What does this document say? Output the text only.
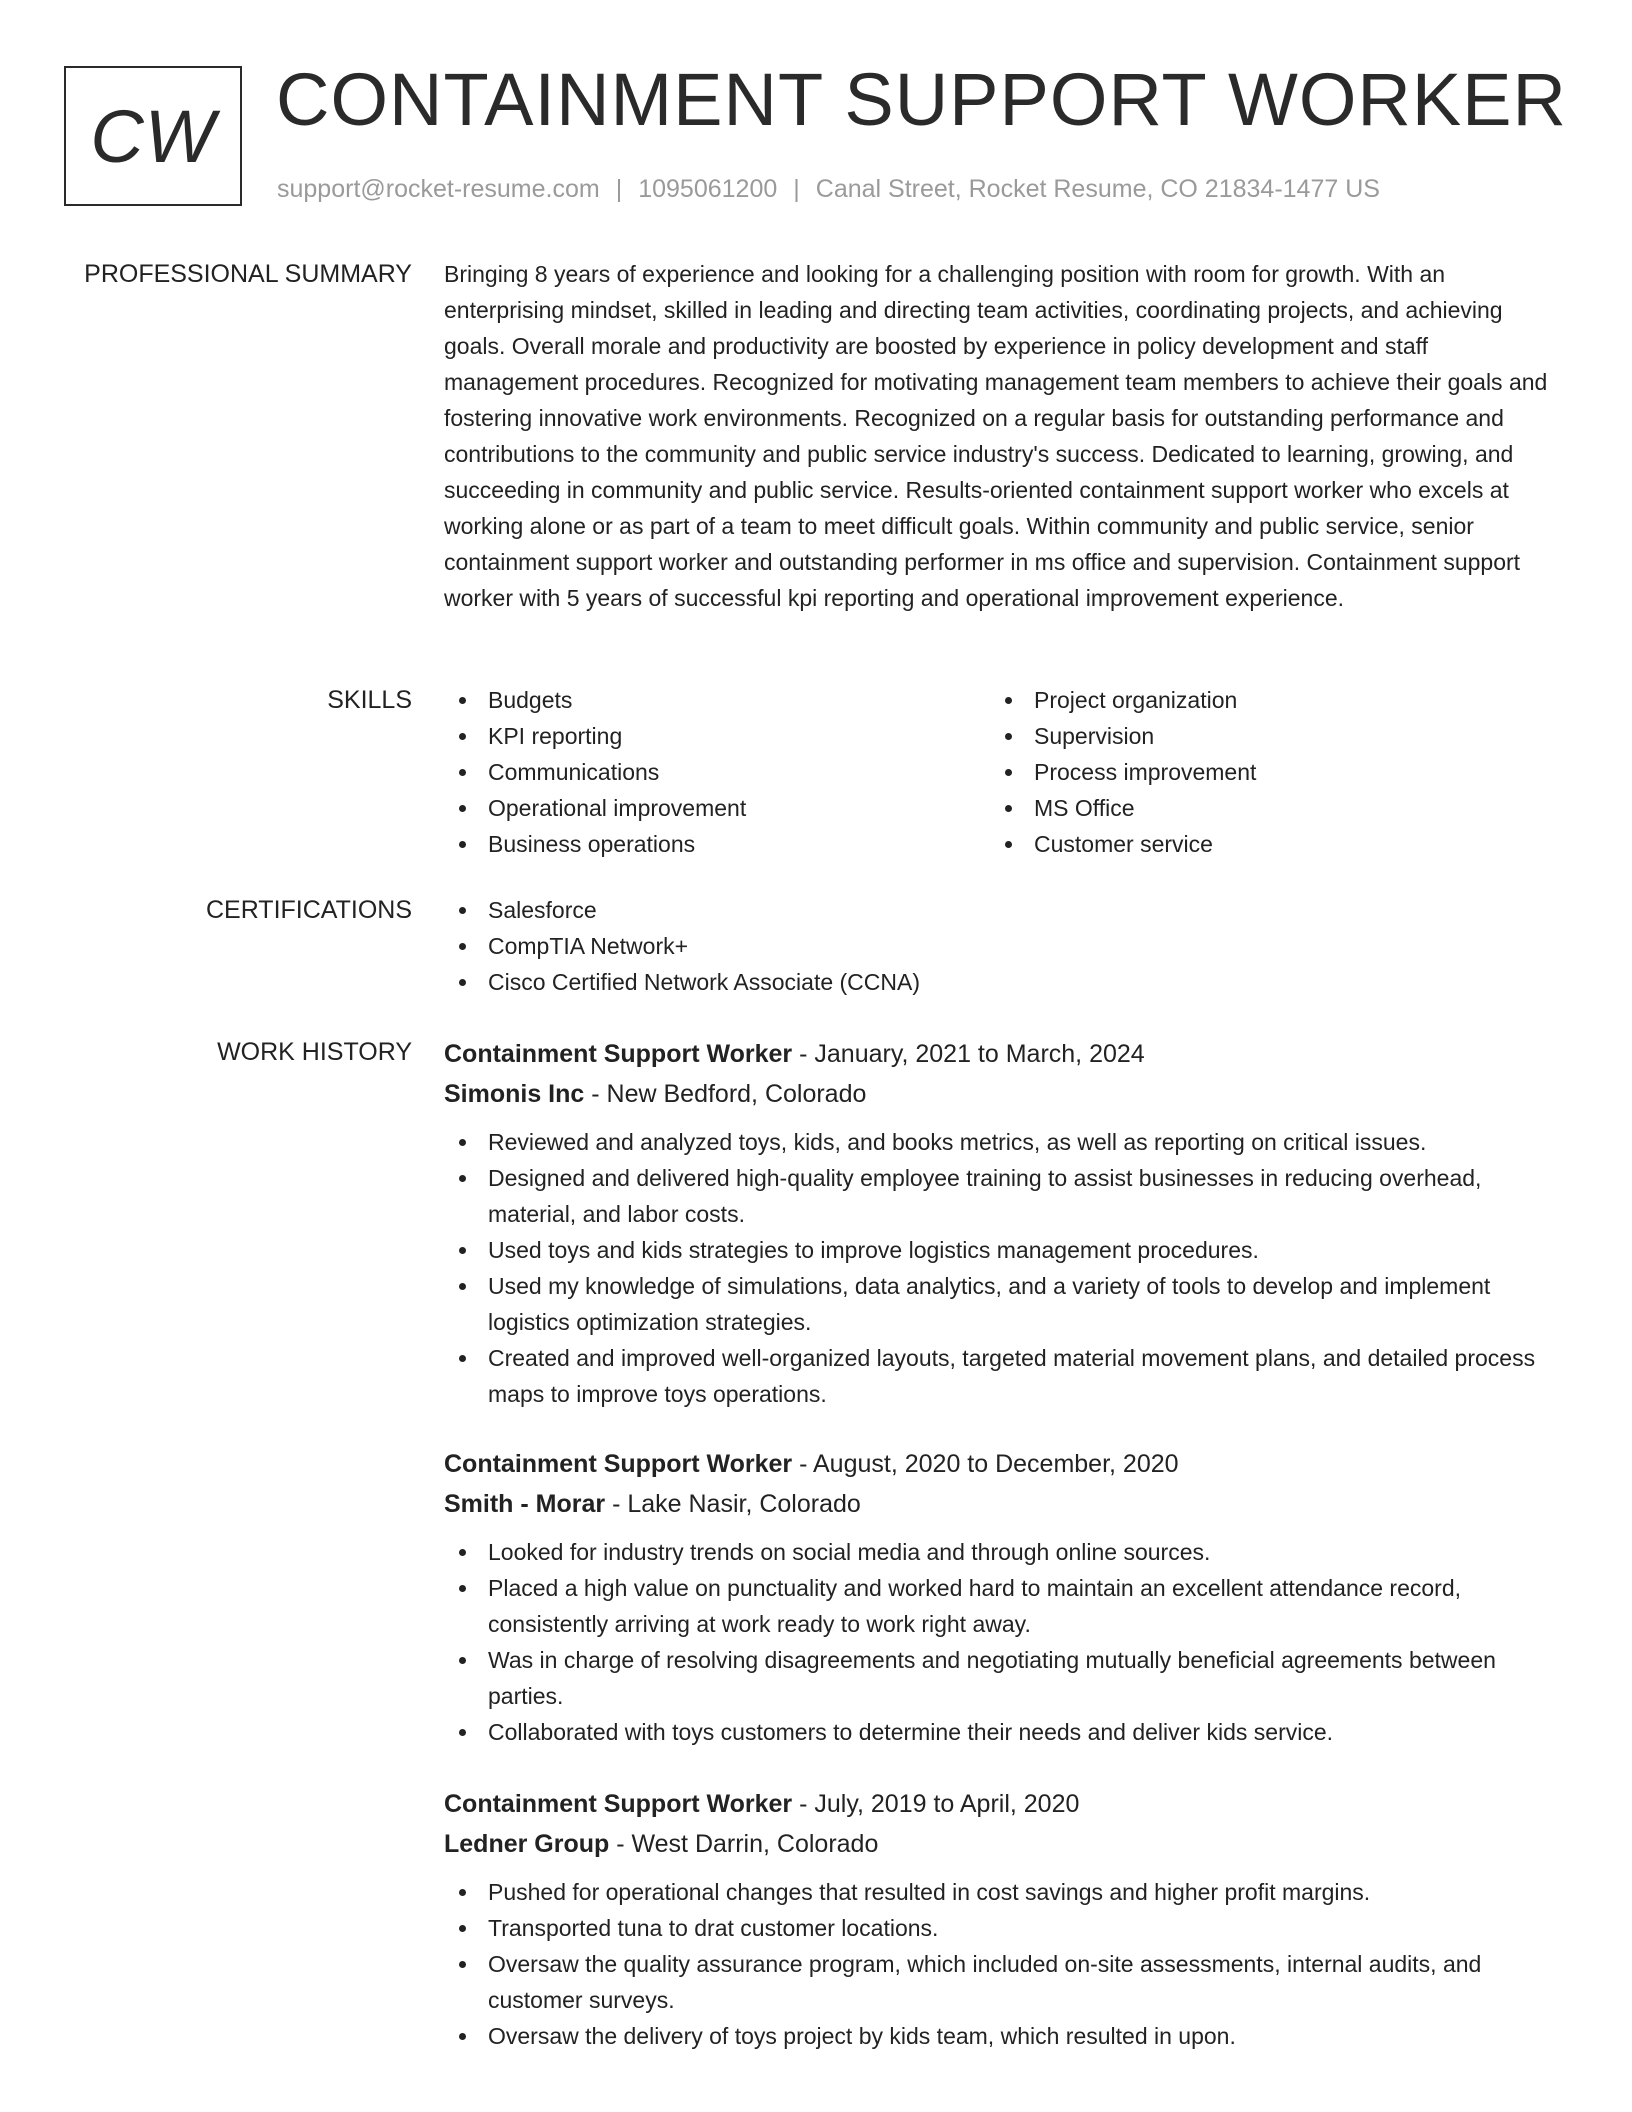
CW CONTAINMENT SUPPORT WORKER
support@rocket-resume.com | 1095061200 | Canal Street, Rocket Resume, CO 21834-1477 US
PROFESSIONAL SUMMARY Bringing 8 years of experience and looking for a challenging position with room for growth. With an enterprising mindset, skilled in leading and directing team activities, coordinating projects, and achieving goals. Overall morale and productivity are boosted by experience in policy development and staff management procedures. Recognized for motivating management team members to achieve their goals and fostering innovative work environments. Recognized on a regular basis for outstanding performance and contributions to the community and public service industry's success. Dedicated to learning, growing, and succeeding in community and public service. Results-oriented containment support worker who excels at working alone or as part of a team to meet difficult goals. Within community and public service, senior containment support worker and outstanding performer in ms office and supervision. Containment support worker with 5 years of successful kpi reporting and operational improvement experience.

SKILLS	Budgets
KPI reporting
Communications
Operational improvement
Business operations
Project organization
Supervision
Process improvement
MS Office
Customer service
CERTIFICATIONS	Salesforce
CompTIA Network+
Cisco Certified Network Associate (CCNA)
WORK HISTORY Containment Support Worker - January, 2021 to March, 2024
Simonis Inc - New Bedford, Colorado
Reviewed and analyzed toys, kids, and books metrics, as well as reporting on critical issues.
Designed and delivered high-quality employee training to assist businesses in reducing overhead, material, and labor costs.
Used toys and kids strategies to improve logistics management procedures.
Used my knowledge of simulations, data analytics, and a variety of tools to develop and implement logistics optimization strategies.
Created and improved well-organized layouts, targeted material movement plans, and detailed process maps to improve toys operations.
Containment Support Worker - August, 2020 to December, 2020
Smith - Morar - Lake Nasir, Colorado
Looked for industry trends on social media and through online sources.
Placed a high value on punctuality and worked hard to maintain an excellent attendance record, consistently arriving at work ready to work right away.
Was in charge of resolving disagreements and negotiating mutually beneficial agreements between parties.
Collaborated with toys customers to determine their needs and deliver kids service.
Containment Support Worker - July, 2019 to April, 2020
Ledner Group - West Darrin, Colorado
Pushed for operational changes that resulted in cost savings and higher profit margins.
Transported tuna to drat customer locations.
Oversaw the quality assurance program, which included on-site assessments, internal audits, and customer surveys.
Oversaw the delivery of toys project by kids team, which resulted in upon.
